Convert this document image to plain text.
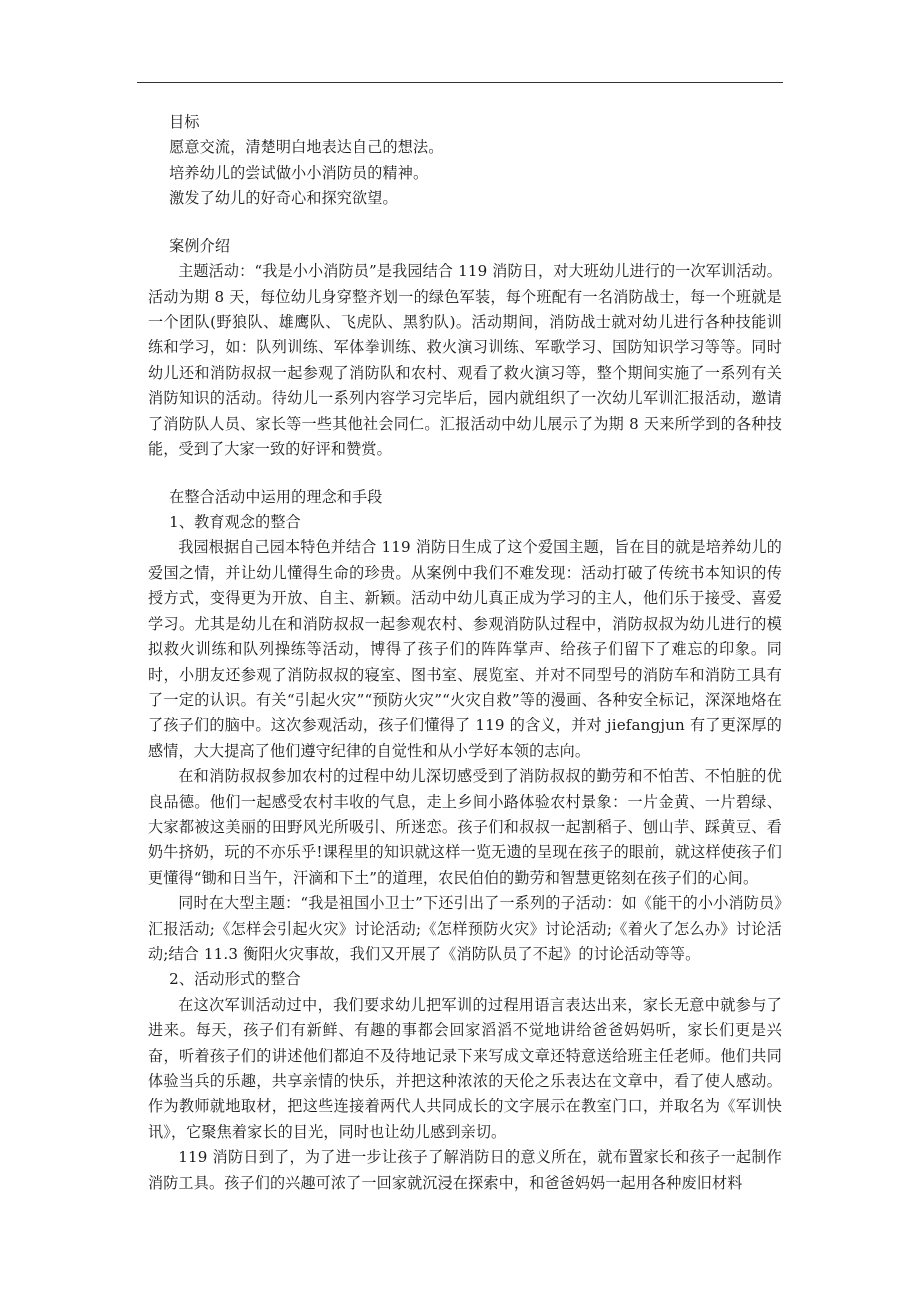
目标

愿意交流，清楚明白地表达自己的想法。

培养幼儿的尝试做小小消防员的精神。

激发了幼儿的好奇心和探究欲望。

案例介绍

主题活动：“我是小小消防员”是我园结合 119 消防日，对大班幼儿进行的一次军训活动。活动为期 8 天，每位幼儿身穿整齐划一的绿色军装，每个班配有一名消防战士，每一个班就是一个团队(野狼队、雄鹰队、飞虎队、黑豹队)。活动期间，消防战士就对幼儿进行各种技能训练和学习，如：队列训练、军体拳训练、救火演习训练、军歌学习、国防知识学习等等。同时幼儿还和消防叔叔一起参观了消防队和农村、观看了救火演习等，整个期间实施了一系列有关消防知识的活动。待幼儿一系列内容学习完毕后，园内就组织了一次幼儿军训汇报活动，邀请了消防队人员、家长等一些其他社会同仁。汇报活动中幼儿展示了为期 8 天来所学到的各种技能，受到了大家一致的好评和赞赏。

在整合活动中运用的理念和手段

1、教育观念的整合

我园根据自己园本特色并结合 119 消防日生成了这个爱国主题，旨在目的就是培养幼儿的爱国之情，并让幼儿懂得生命的珍贵。从案例中我们不难发现：活动打破了传统书本知识的传授方式，变得更为开放、自主、新颖。活动中幼儿真正成为学习的主人，他们乐于接受、喜爱学习。尤其是幼儿在和消防叔叔一起参观农村、参观消防队过程中，消防叔叔为幼儿进行的模拟救火训练和队列操练等活动，博得了孩子们的阵阵掌声、给孩子们留下了难忘的印象。同时，小朋友还参观了消防叔叔的寝室、图书室、展览室、并对不同型号的消防车和消防工具有了一定的认识。有关“引起火灾”“预防火灾”“火灾自救”等的漫画、各种安全标记，深深地烙在了孩子们的脑中。这次参观活动，孩子们懂得了 119 的含义，并对 jiefangjun 有了更深厚的感情，大大提高了他们遵守纪律的自觉性和从小学好本领的志向。

在和消防叔叔参加农村的过程中幼儿深切感受到了消防叔叔的勤劳和不怕苦、不怕脏的优良品德。他们一起感受农村丰收的气息，走上乡间小路体验农村景象：一片金黄、一片碧绿、大家都被这美丽的田野风光所吸引、所迷恋。孩子们和叔叔一起割稻子、刨山芋、踩黄豆、看奶牛挤奶，玩的不亦乐乎!课程里的知识就这样一览无遗的呈现在孩子的眼前，就这样使孩子们更懂得“锄和日当午，汗滴和下土”的道理，农民伯伯的勤劳和智慧更铭刻在孩子们的心间。

同时在大型主题：“我是祖国小卫士”下还引出了一系列的子活动：如《能干的小小消防员》汇报活动;《怎样会引起火灾》讨论活动;《怎样预防火灾》讨论活动;《着火了怎么办》讨论活动;结合 11.3 衡阳火灾事故，我们又开展了《消防队员了不起》的讨论活动等等。

2、活动形式的整合

在这次军训活动过中，我们要求幼儿把军训的过程用语言表达出来，家长无意中就参与了进来。每天，孩子们有新鲜、有趣的事都会回家滔滔不觉地讲给爸爸妈妈听，家长们更是兴奋，听着孩子们的讲述他们都迫不及待地记录下来写成文章还特意送给班主任老师。他们共同体验当兵的乐趣，共享亲情的快乐，并把这种浓浓的天伦之乐表达在文章中，看了使人感动。作为教师就地取材，把这些连接着两代人共同成长的文字展示在教室门口，并取名为《军训快讯》，它聚焦着家长的目光，同时也让幼儿感到亲切。

119 消防日到了，为了进一步让孩子了解消防日的意义所在，就布置家长和孩子一起制作消防工具。孩子们的兴趣可浓了一回家就沉浸在探索中，和爸爸妈妈一起用各种废旧材料
